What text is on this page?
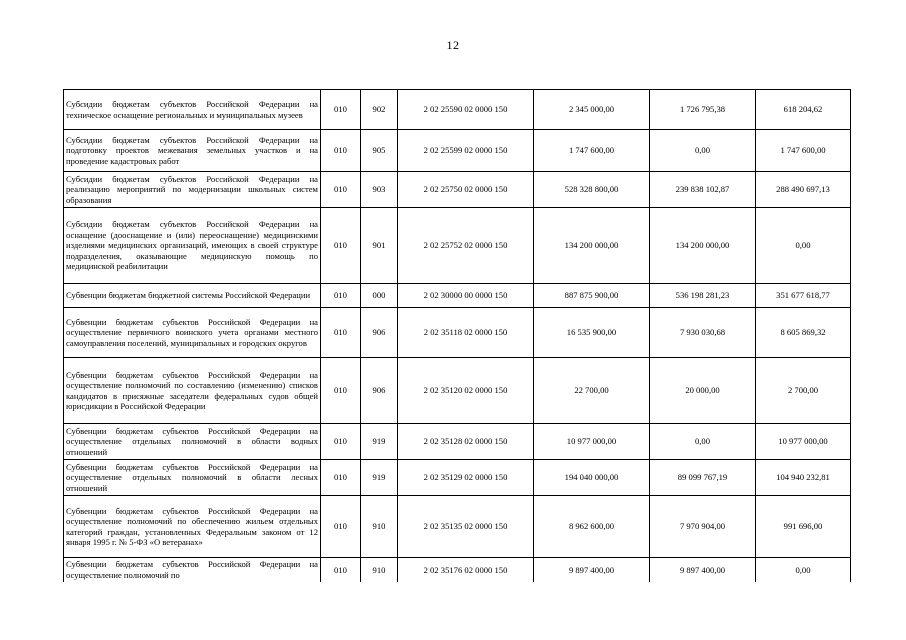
12
Субсидии бюджетам субъектов Российской Федерации на техническое оснащение региональных и муниципальных музеев	010	902	2 02 25590 02 0000 150	2 345 000,00	1 726 795,38	618 204,62
Субсидии бюджетам субъектов Российской Федерации на подготовку проектов межевания земельных участков и на проведение кадастровых работ	010	905	2 02 25599 02 0000 150	1 747 600,00	0,00	1 747 600,00
Субсидии бюджетам субъектов Российской Федерации на реализацию мероприятий по модернизации школьных систем образования	010	903	2 02 25750 02 0000 150	528 328 800,00	239 838 102,87	288 490 697,13
Субсидии бюджетам субъектов Российской Федерации на оснащение (дооснащение и (или) переоснащение) медицинскими изделиями медицинских организаций, имеющих в своей структуре подразделения, оказывающие медицинскую помощь по медицинской реабилитации	010	901	2 02 25752 02 0000 150	134 200 000,00	134 200 000,00	0,00
Субвенции бюджетам бюджетной системы Российской Федерации	010	000	2 02 30000 00 0000 150	887 875 900,00	536 198 281,23	351 677 618,77
Субвенции бюджетам субъектов Российской Федерации на осуществление первичного воинского учета органами местного самоуправления поселений, муниципальных и городских округов	010	906	2 02 35118 02 0000 150	16 535 900,00	7 930 030,68	8 605 869,32
Субвенции бюджетам субъектов Российской Федерации на осуществление полномочий по составлению (изменению) списков кандидатов в присяжные заседатели федеральных судов общей юрисдикции в Российской Федерации	010	906	2 02 35120 02 0000 150	22 700,00	20 000,00	2 700,00
Субвенции бюджетам субъектов Российской Федерации на осуществление отдельных полномочий в области водных отношений	010	919	2 02 35128 02 0000 150	10 977 000,00	0,00	10 977 000,00
Субвенции бюджетам субъектов Российской Федерации на осуществление отдельных полномочий в области лесных отношений	010	919	2 02 35129 02 0000 150	194 040 000,00	89 099 767,19	104 940 232,81
Субвенции бюджетам субъектов Российской Федерации на осуществление полномочий по обеспечению жильем отдельных категорий граждан, установленных Федеральным законом от 12 января 1995 г. № 5-ФЗ «О ветеранах»	010	910	2 02 35135 02 0000 150	8 962 600,00	7 970 904,00	991 696,00
Субвенции бюджетам субъектов Российской Федерации на осуществление полномочий по	010	910	2 02 35176 02 0000 150	9 897 400,00	9 897 400,00	0,00
